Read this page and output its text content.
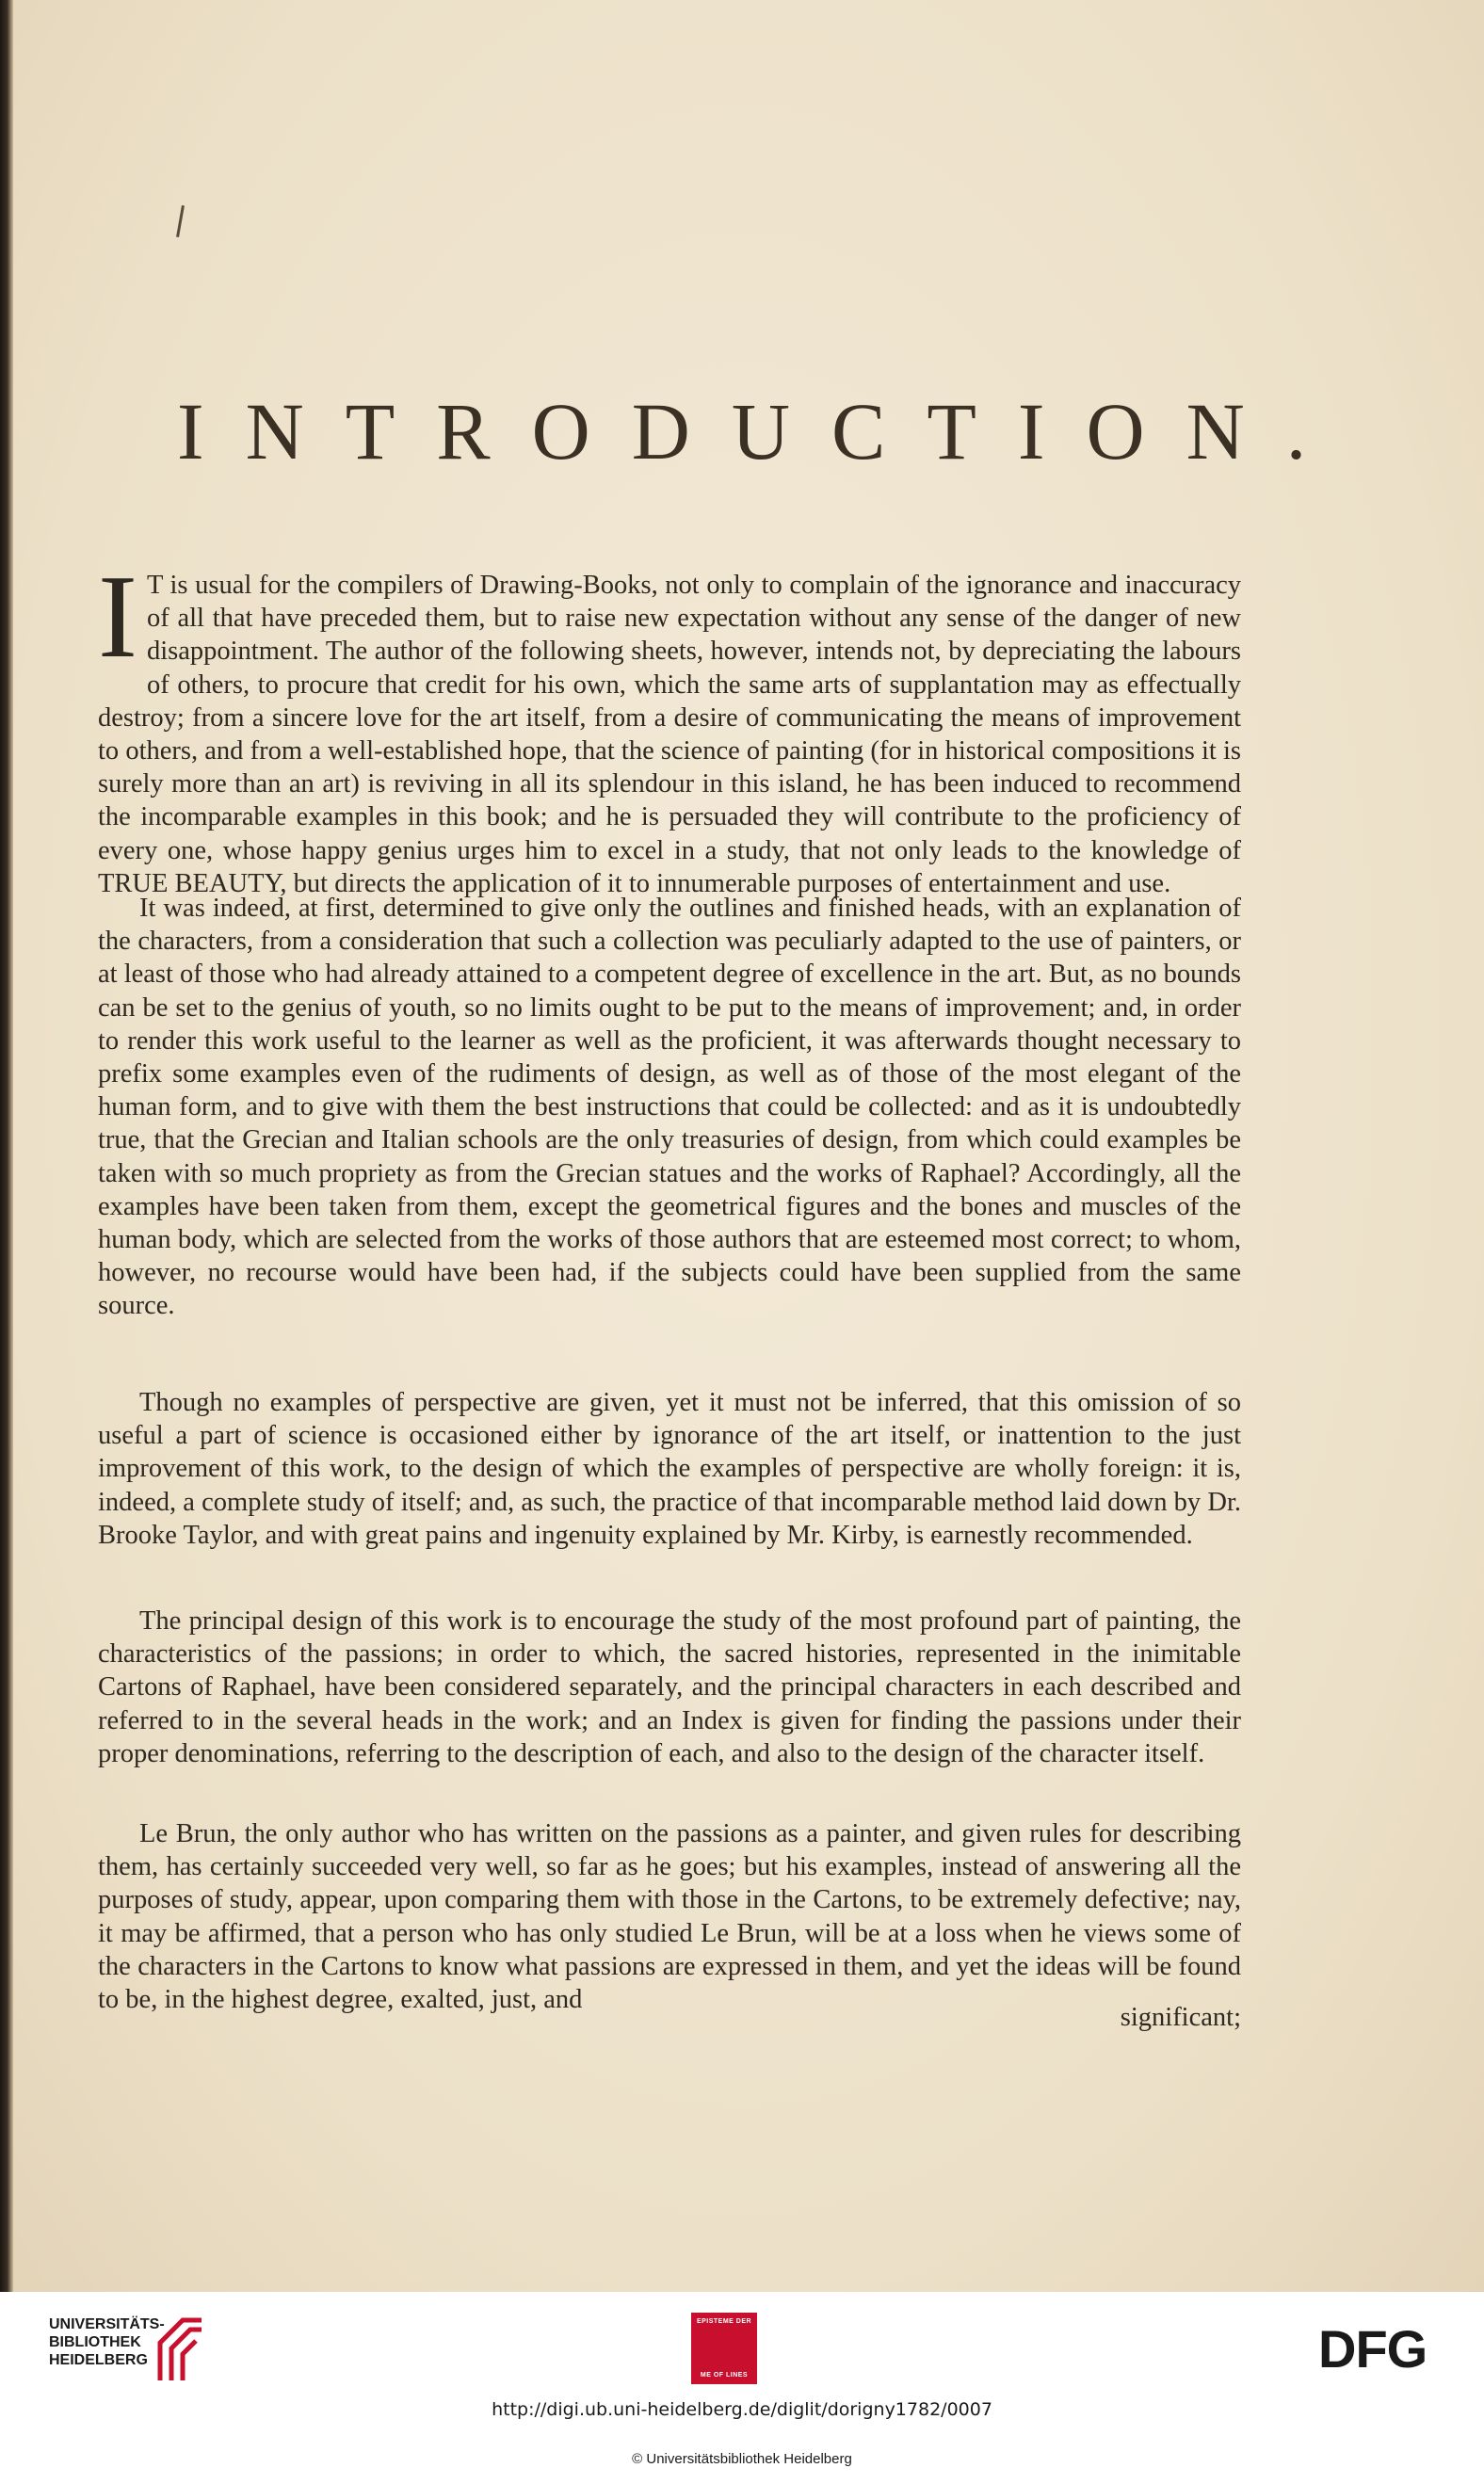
INTRODUCTION.

I T is usual for the compilers of Drawing-Books, not only to complain of the ignorance and inaccuracy of all that have preceded them, but to raise new expectation without any sense of the danger of new disappointment. The author of the following sheets, however, intends not, by depreciating the labours of others, to procure that credit for his own, which the same arts of supplantation may as effectually destroy; from a sincere love for the art itself, from a desire of communicating the means of improvement to others, and from a well-established hope, that the science of painting (for in historical compositions it is surely more than an art) is reviving in all its splendour in this island, he has been induced to recommend the incomparable examples in this book; and he is persuaded they will contribute to the proficiency of every one, whose happy genius urges him to excel in a study, that not only leads to the knowledge of TRUE BEAUTY, but directs the application of it to innumerable purposes of entertainment and use.

It was indeed, at first, determined to give only the outlines and finished heads, with an explanation of the characters, from a consideration that such a collection was peculiarly adapted to the use of painters, or at least of those who had already attained to a competent degree of excellence in the art. But, as no bounds can be set to the genius of youth, so no limits ought to be put to the means of improvement; and, in order to render this work useful to the learner as well as the proficient, it was afterwards thought necessary to prefix some examples even of the rudiments of design, as well as of those of the most elegant of the human form, and to give with them the best instructions that could be collected: and as it is undoubtedly true, that the Grecian and Italian schools are the only treasuries of design, from which could examples be taken with so much propriety as from the Grecian statues and the works of Raphael? Accordingly, all the examples have been taken from them, except the geometrical figures and the bones and muscles of the human body, which are selected from the works of those authors that are esteemed most correct; to whom, however, no recourse would have been had, if the subjects could have been supplied from the same source.

Though no examples of perspective are given, yet it must not be inferred, that this omission of so useful a part of science is occasioned either by ignorance of the art itself, or inattention to the just improvement of this work, to the design of which the examples of perspective are wholly foreign: it is, indeed, a complete study of itself; and, as such, the practice of that incomparable method laid down by Dr. Brooke Taylor, and with great pains and ingenuity explained by Mr. Kirby, is earnestly recommended.

The principal design of this work is to encourage the study of the most profound part of painting, the characteristics of the passions; in order to which, the sacred histories, represented in the inimitable Cartons of Raphael, have been considered separately, and the principal characters in each described and referred to in the several heads in the work; and an Index is given for finding the passions under their proper denominations, referring to the description of each, and also to the design of the character itself.

Le Brun, the only author who has written on the passions as a painter, and given rules for describing them, has certainly succeeded very well, so far as he goes; but his examples, instead of answering all the purposes of study, appear, upon comparing them with those in the Cartons, to be extremely defective; nay, it may be affirmed, that a person who has only studied Le Brun, will be at a loss when he views some of the characters in the Cartons to know what passions are expressed in them, and yet the ideas will be found to be, in the highest degree, exalted, just, and

significant;
UNIVERSITÄTS-
BIBLIOTHEK
HEIDELBERG
EPISTEME DER
ME OF LINES	DFG
http://digi.ub.uni-heidelberg.de/diglit/dorigny1782/0007
© Universitätsbibliothek Heidelberg
